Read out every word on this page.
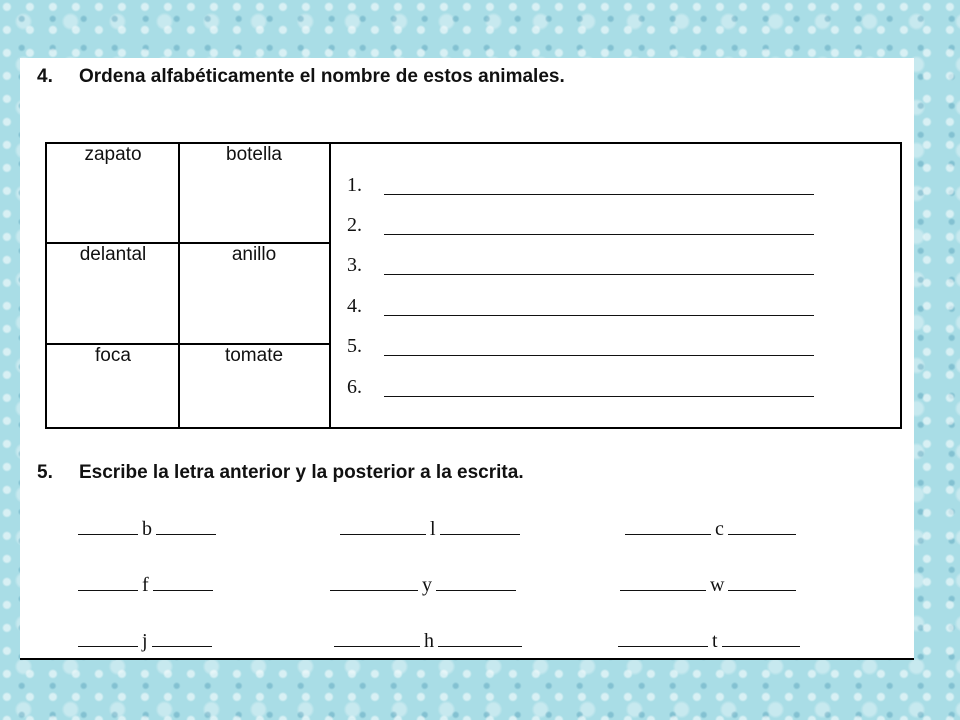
4. Ordena alfabéticamente el nombre de estos animales.
zapato	botella
delantal	anillo
foca	tomate
1.
2.
3.
4.
5.
6.
5. Escribe la letra anterior y la posterior a la escrita.
b	l	c
f	y	w
j	h	t
